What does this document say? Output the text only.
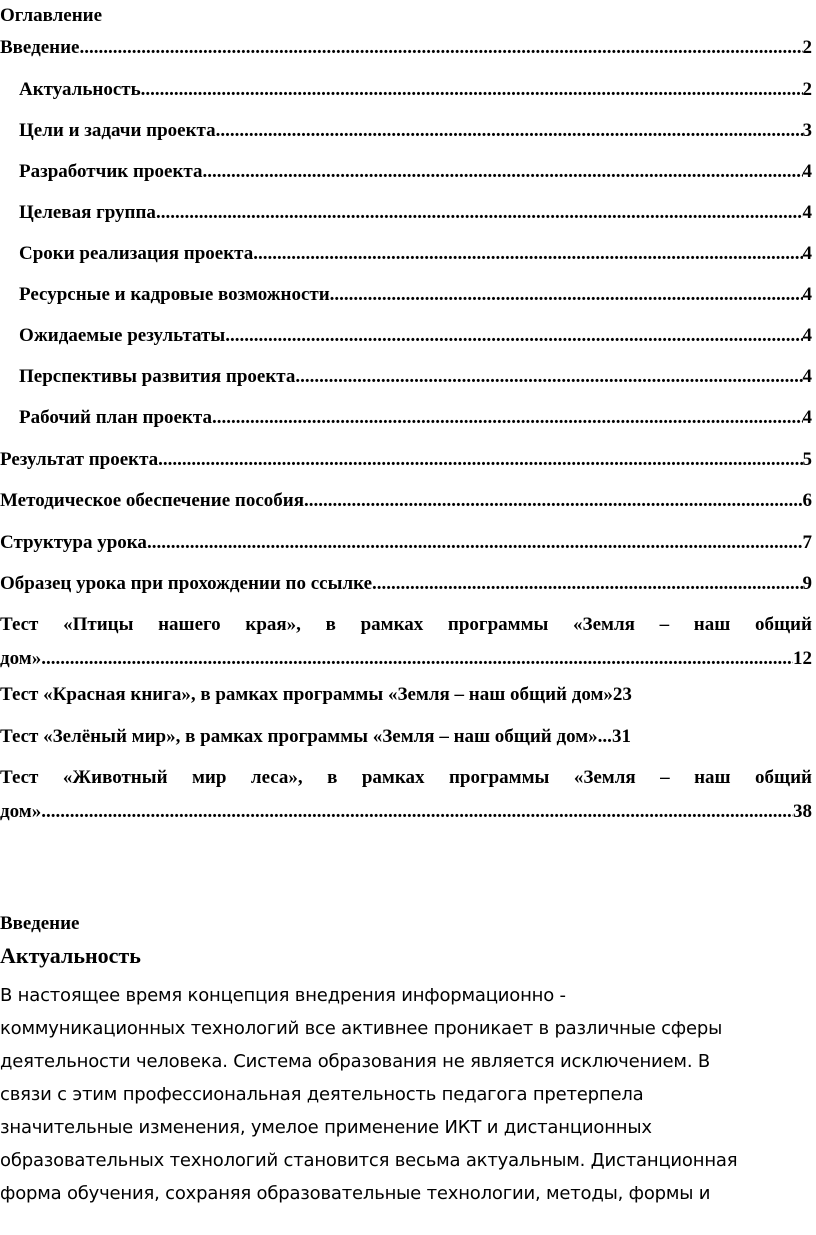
Оглавление
Введение .....	2
Актуальность .....	2
Цели и задачи проекта .....	3
Разработчик проекта .....	4
Целевая группа .....	4
Сроки реализация проекта .....	4
Ресурсные и кадровые возможности .....	4
Ожидаемые результаты .....	4
Перспективы развития проекта .....	4
Рабочий план проекта .....	4
Результат проекта .....	5
Методическое обеспечение пособия .....	6
Структура урока .....	7
Образец урока при прохождении по ссылке .....	9
Тест «Птицы нашего края», в рамках программы «Земля – наш общий
дом» .....	12
Тест «Красная книга», в рамках программы «Земля – наш общий дом» 23
Тест «Зелёный мир», в рамках программы «Земля – наш общий дом»... 31
Тест «Животный мир леса», в рамках программы «Земля – наш общий
дом» .....	38
Введение
Актуальность
В настоящее время концепция внедрения информационно -
коммуникационных технологий все активнее проникает в различные сферы
деятельности человека. Система образования не является исключением. В
связи с этим профессиональная деятельность педагога претерпела
значительные изменения, умелое применение ИКТ и дистанционных
образовательных технологий становится весьма актуальным. Дистанционная
форма обучения, сохраняя образовательные технологии, методы, формы и
